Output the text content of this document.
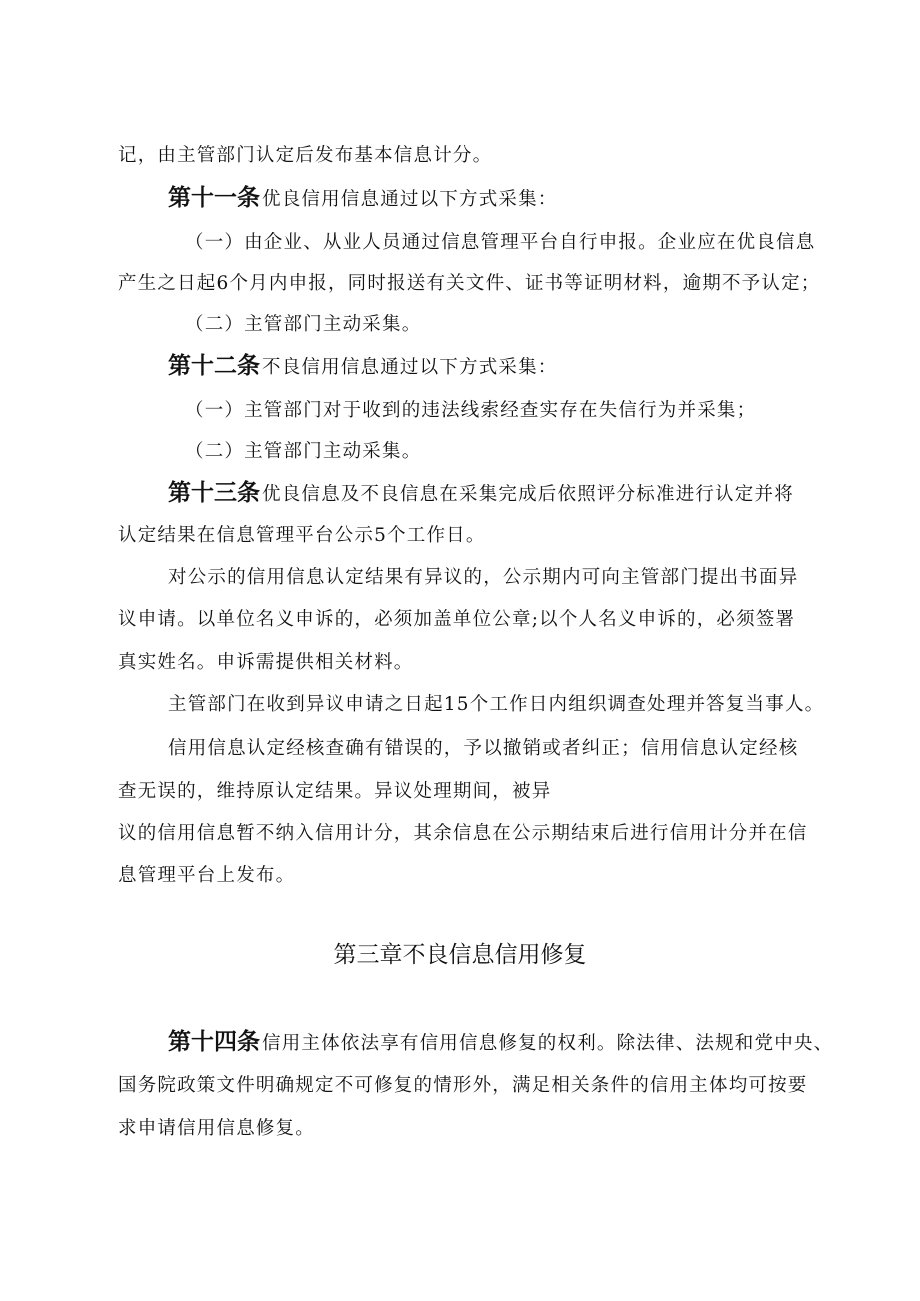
记，由主管部门认定后发布基本信息计分。
第十一条 优良信用信息通过以下方式采集：
（一）由企业、从业人员通过信息管理平台自行申报。企业应在优良信息
产生之日起6个月内申报，同时报送有关文件、证书等证明材料，逾期不予认定；
（二）主管部门主动采集。
第十二条 不良信用信息通过以下方式采集：
（一）主管部门对于收到的违法线索经查实存在失信行为并采集；
（二）主管部门主动采集。
第十三条 优良信息及不良信息在采集完成后依照评分标准进行认定并将
认定结果在信息管理平台公示5个工作日。
对公示的信用信息认定结果有异议的，公示期内可向主管部门提出书面异
议申请。以单位名义申诉的，必须加盖单位公章;以个人名义申诉的，必须签署
真实姓名。申诉需提供相关材料。
主管部门在收到异议申请之日起15个工作日内组织调查处理并答复当事人。
信用信息认定经核查确有错误的，予以撤销或者纠正；信用信息认定经核
查无误的，维持原认定结果。异议处理期间，被异
议的信用信息暂不纳入信用计分，其余信息在公示期结束后进行信用计分并在信
息管理平台上发布。
第三章不良信息信用修复
第十四条 信用主体依法享有信用信息修复的权利。除法律、法规和党中央、
国务院政策文件明确规定不可修复的情形外，满足相关条件的信用主体均可按要
求申请信用信息修复。
